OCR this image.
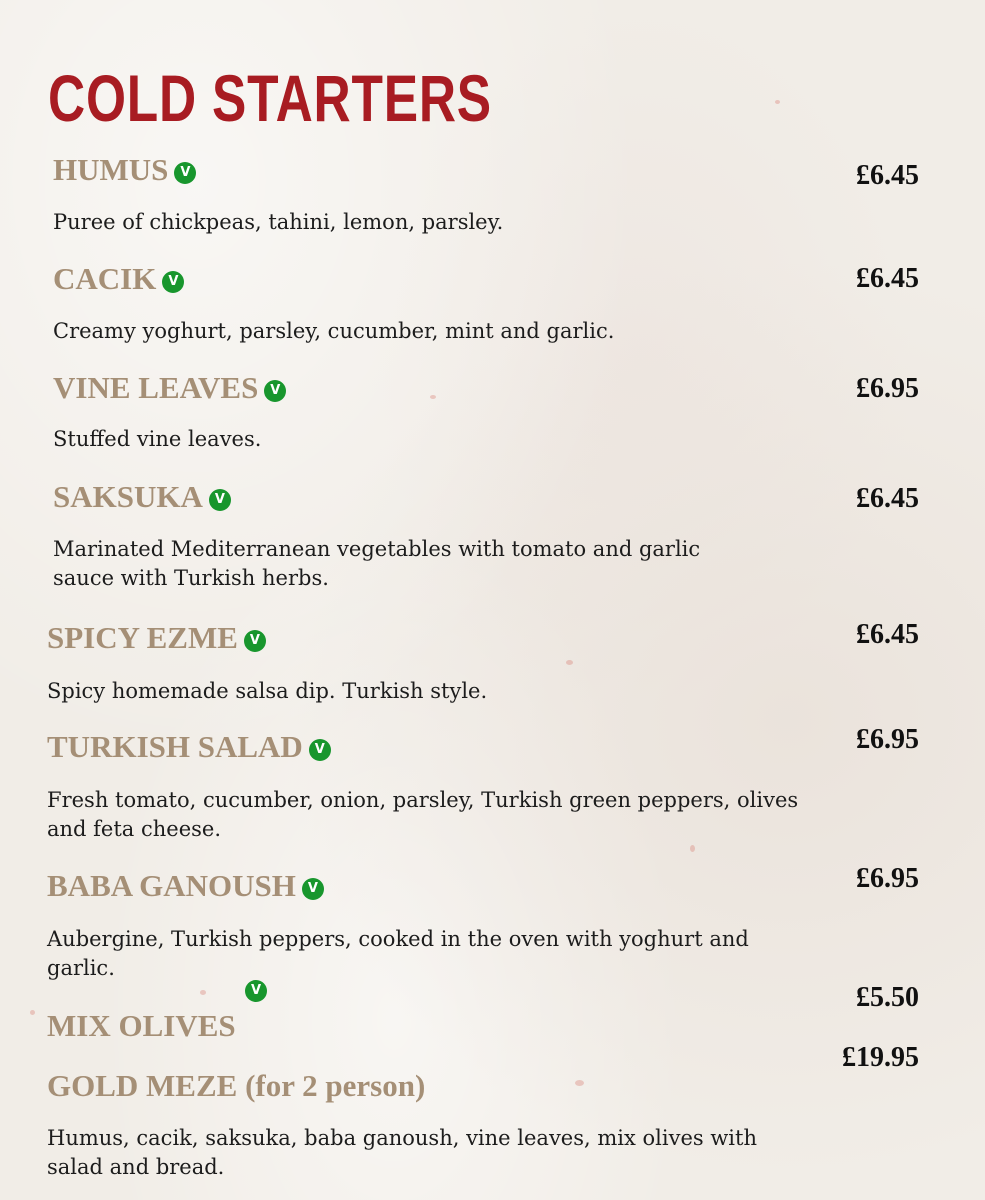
COLD STARTERS
HUMUS V	£6.45

Puree of chickpeas, tahini, lemon, parsley.

CACIK V	£6.45

Creamy yoghurt, parsley, cucumber, mint and garlic.

VINE LEAVES V	£6.95

Stuffed vine leaves.

SAKSUKA V	£6.45

Marinated Mediterranean vegetables with tomato and garlic sauce with Turkish herbs.

SPICY EZME V	£6.45

Spicy homemade salsa dip. Turkish style.

TURKISH SALAD V	£6.95

Fresh tomato, cucumber, onion, parsley, Turkish green peppers, olives and feta cheese.

BABA GANOUSH V	£6.95

Aubergine, Turkish peppers, cooked in the oven with yoghurt and garlic.

V
MIX OLIVES
£5.50
GOLD MEZE (for 2 person)
£19.95

Humus, cacik, saksuka, baba ganoush, vine leaves, mix olives with salad and bread.
